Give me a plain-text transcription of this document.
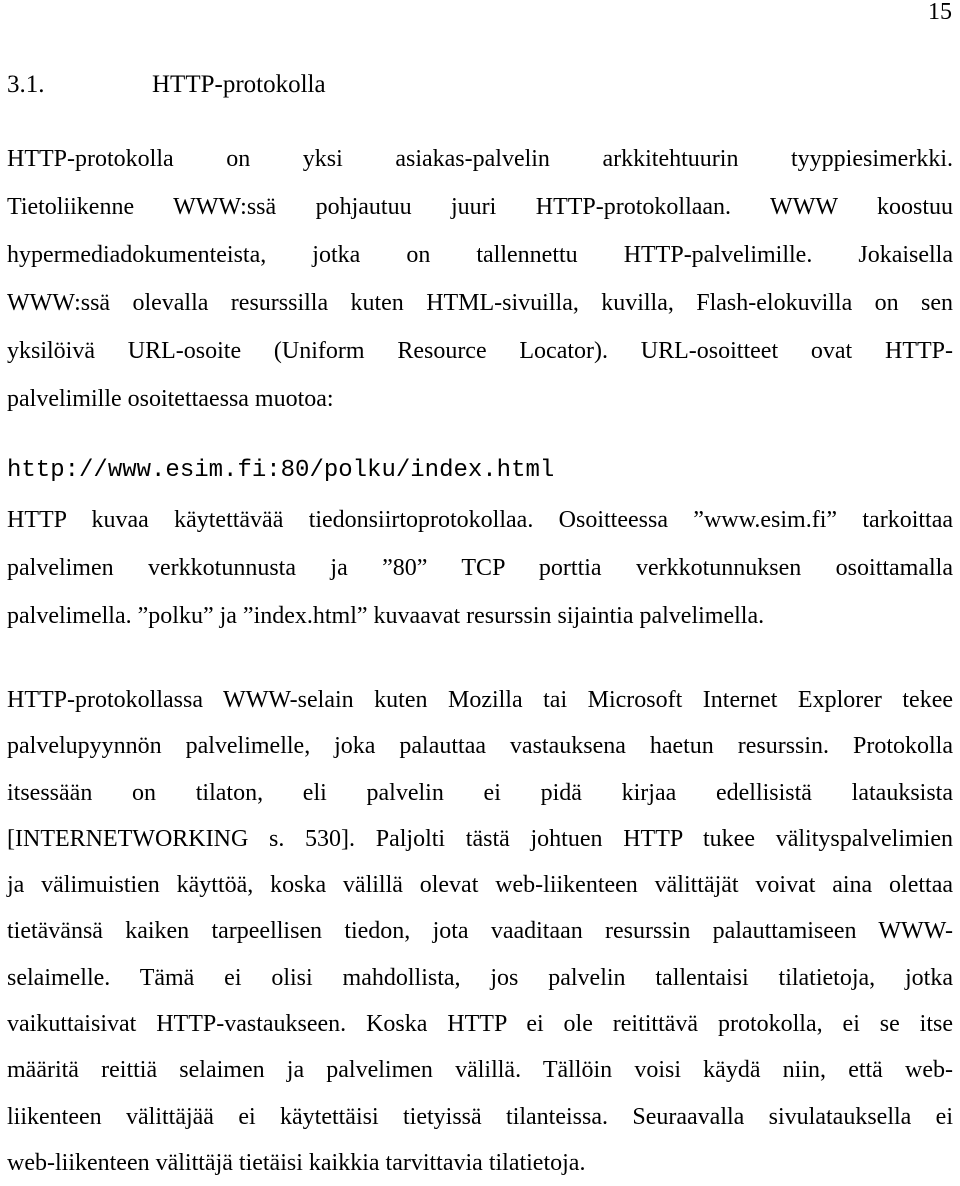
15
3.1.	HTTP-protokolla
HTTP-protokolla on yksi asiakas-palvelin arkkitehtuurin tyyppiesimerkki.
Tietoliikenne WWW:ssä pohjautuu juuri HTTP-protokollaan. WWW koostuu
hypermediadokumenteista, jotka on tallennettu HTTP-palvelimille. Jokaisella
WWW:ssä olevalla resurssilla kuten HTML-sivuilla, kuvilla, Flash-elokuvilla on sen
yksilöivä URL-osoite (Uniform Resource Locator). URL-osoitteet ovat HTTP-
palvelimille osoitettaessa muotoa:
http://www.esim.fi:80/polku/index.html
HTTP kuvaa käytettävää tiedonsiirtoprotokollaa. Osoitteessa ”www.esim.fi” tarkoittaa
palvelimen verkkotunnusta ja ”80” TCP porttia verkkotunnuksen osoittamalla
palvelimella. ”polku” ja ”index.html” kuvaavat resurssin sijaintia palvelimella.
HTTP-protokollassa WWW-selain kuten Mozilla tai Microsoft Internet Explorer tekee
palvelupyynnön palvelimelle, joka palauttaa vastauksena haetun resurssin. Protokolla
itsessään on tilaton, eli palvelin ei pidä kirjaa edellisistä latauksista
[INTERNETWORKING s. 530]. Paljolti tästä johtuen HTTP tukee välityspalvelimien
ja välimuistien käyttöä, koska välillä olevat web-liikenteen välittäjät voivat aina olettaa
tietävänsä kaiken tarpeellisen tiedon, jota vaaditaan resurssin palauttamiseen WWW-
selaimelle. Tämä ei olisi mahdollista, jos palvelin tallentaisi tilatietoja, jotka
vaikuttaisivat HTTP-vastaukseen. Koska HTTP ei ole reitittävä protokolla, ei se itse
määritä reittiä selaimen ja palvelimen välillä. Tällöin voisi käydä niin, että web-
liikenteen välittäjää ei käytettäisi tietyissä tilanteissa. Seuraavalla sivulatauksella ei
web-liikenteen välittäjä tietäisi kaikkia tarvittavia tilatietoja.
